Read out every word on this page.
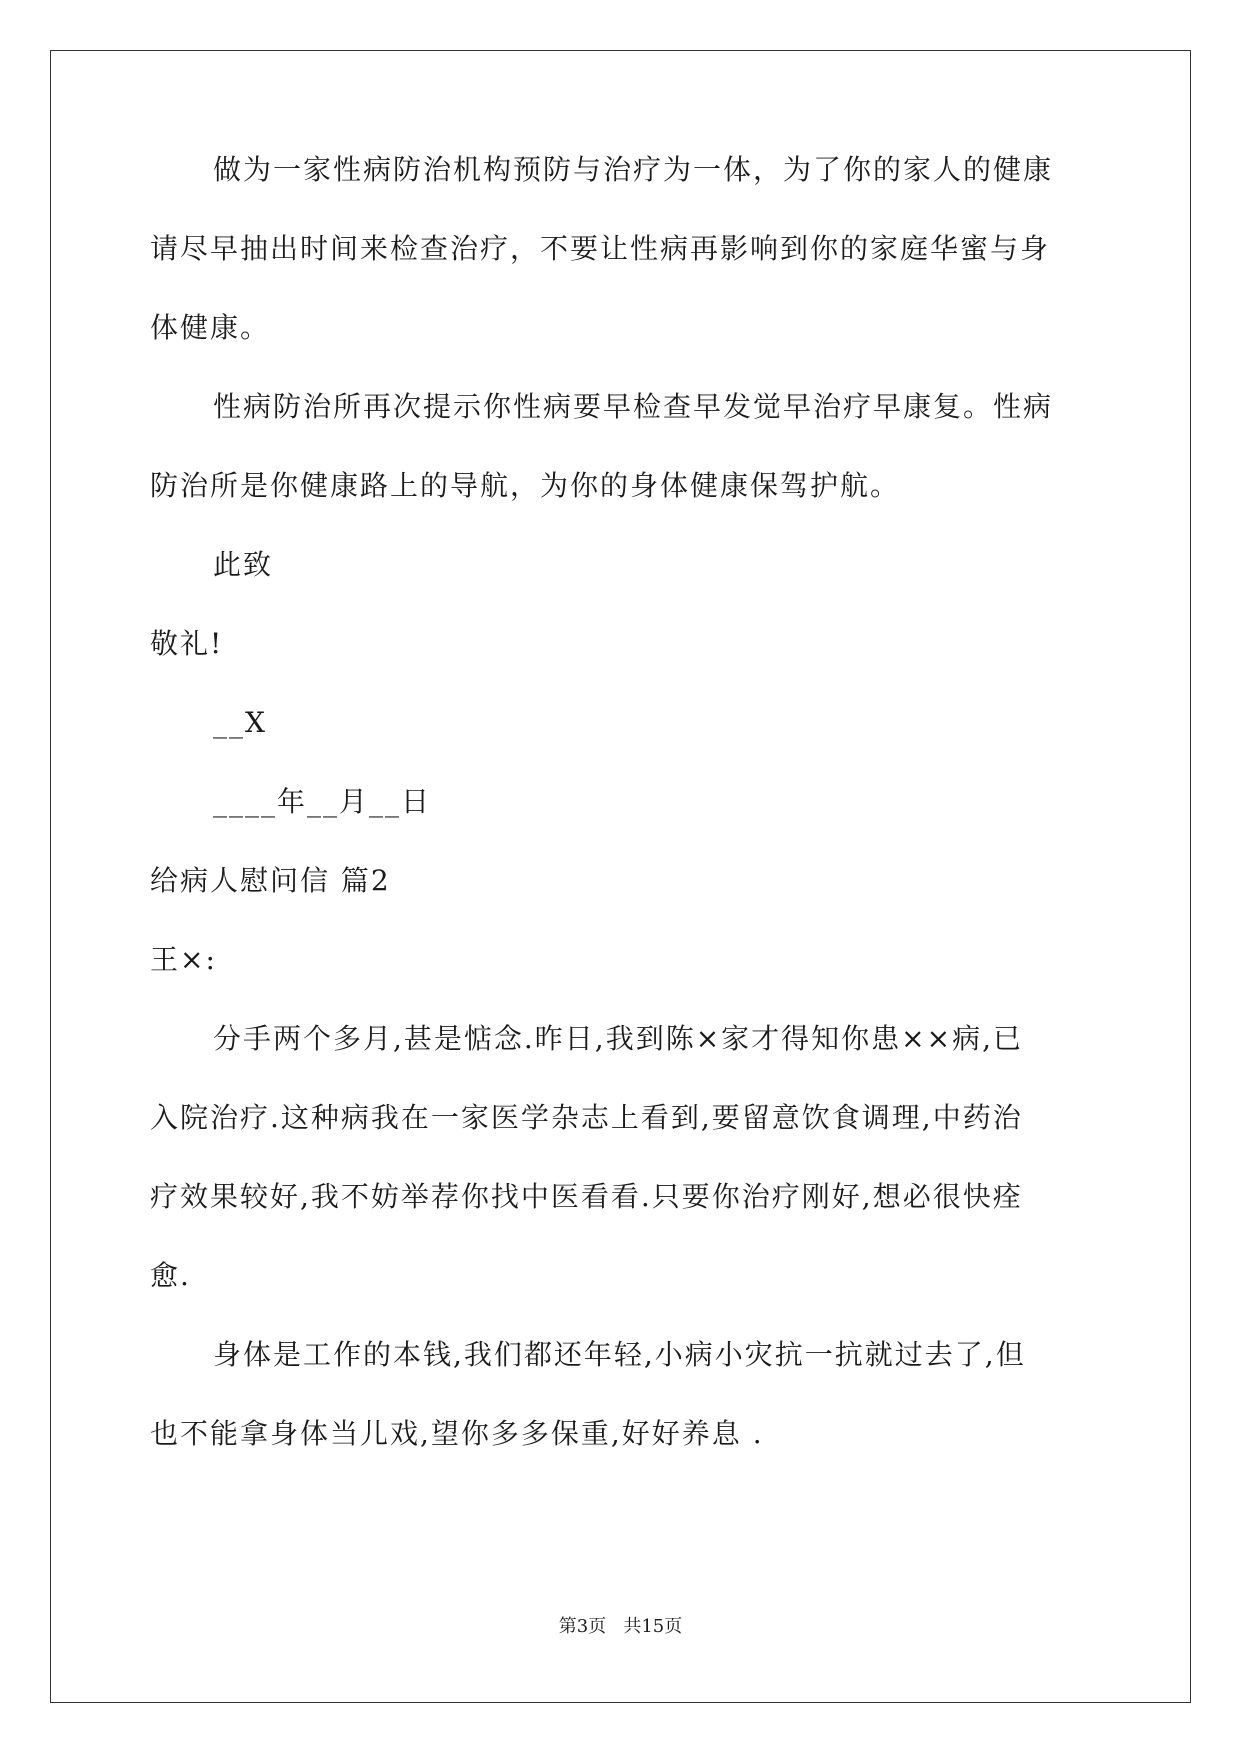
做为一家性病防治机构预防与治疗为一体，为了你的家人的健康
请尽早抽出时间来检查治疗，不要让性病再影响到你的家庭华蜜与身
体健康。
性病防治所再次提示你性病要早检查早发觉早治疗早康复。性病
防治所是你健康路上的导航，为你的身体健康保驾护航。
此致
敬礼!
__X
____年__月__日
给病人慰问信 篇2
王×:
分手两个多月,甚是惦念.昨日,我到陈×家才得知你患××病,已
入院治疗.这种病我在一家医学杂志上看到,要留意饮食调理,中药治
疗效果较好,我不妨举荐你找中医看看.只要你治疗刚好,想必很快痊
愈.
身体是工作的本钱,我们都还年轻,小病小灾抗一抗就过去了,但
也不能拿身体当儿戏,望你多多保重,好好养息 .
第3页   共15页
